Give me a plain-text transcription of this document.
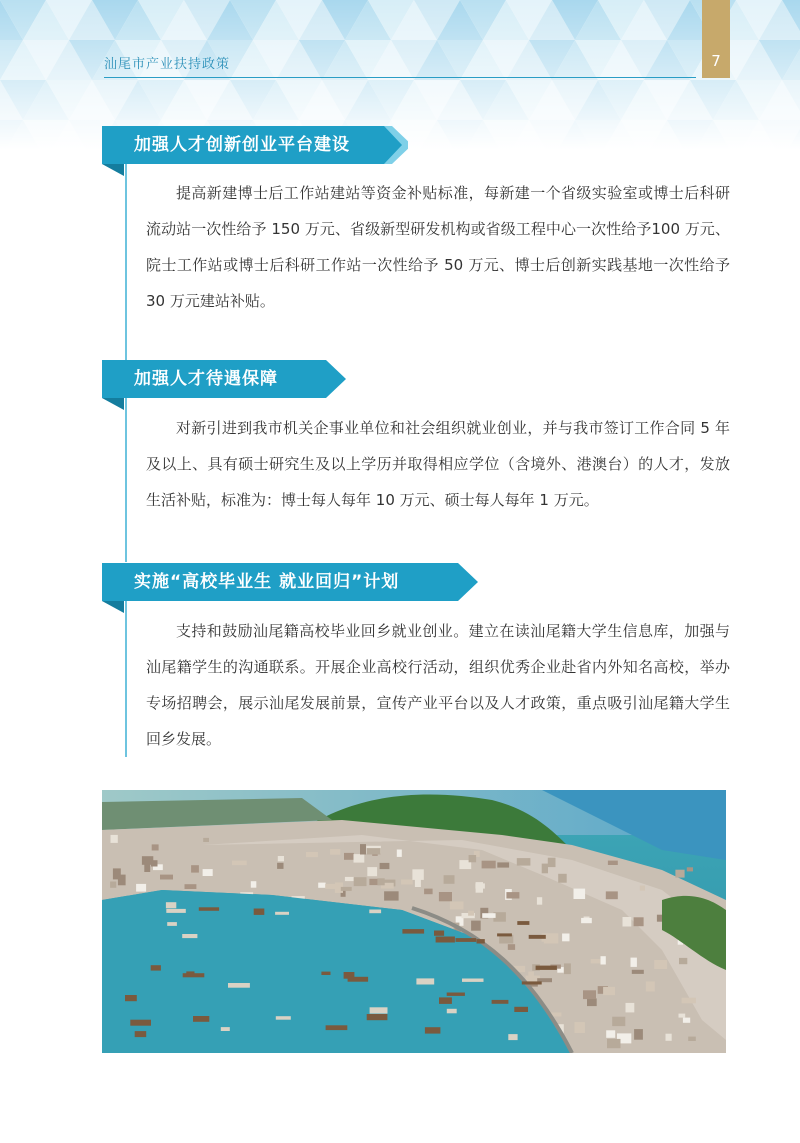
汕尾市产业扶持政策	7
加强人才创新创业平台建设

提高新建博士后工作站建站等资金补贴标准，每新建一个省级实验室或博士后科研流动站一次性给予 150 万元、省级新型研发机构或省级工程中心一次性给予100 万元、院士工作站或博士后科研工作站一次性给予 50 万元、博士后创新实践基地一次性给予 30 万元建站补贴。

加强人才待遇保障

对新引进到我市机关企事业单位和社会组织就业创业，并与我市签订工作合同 5 年及以上、具有硕士研究生及以上学历并取得相应学位（含境外、港澳台）的人才，发放生活补贴，标准为：博士每人每年 10 万元、硕士每人每年 1 万元。

实施“高校毕业生 就业回归”计划

支持和鼓励汕尾籍高校毕业回乡就业创业。建立在读汕尾籍大学生信息库，加强与汕尾籍学生的沟通联系。开展企业高校行活动，组织优秀企业赴省内外知名高校，举办专场招聘会，展示汕尾发展前景，宣传产业平台以及人才政策，重点吸引汕尾籍大学生回乡发展。
